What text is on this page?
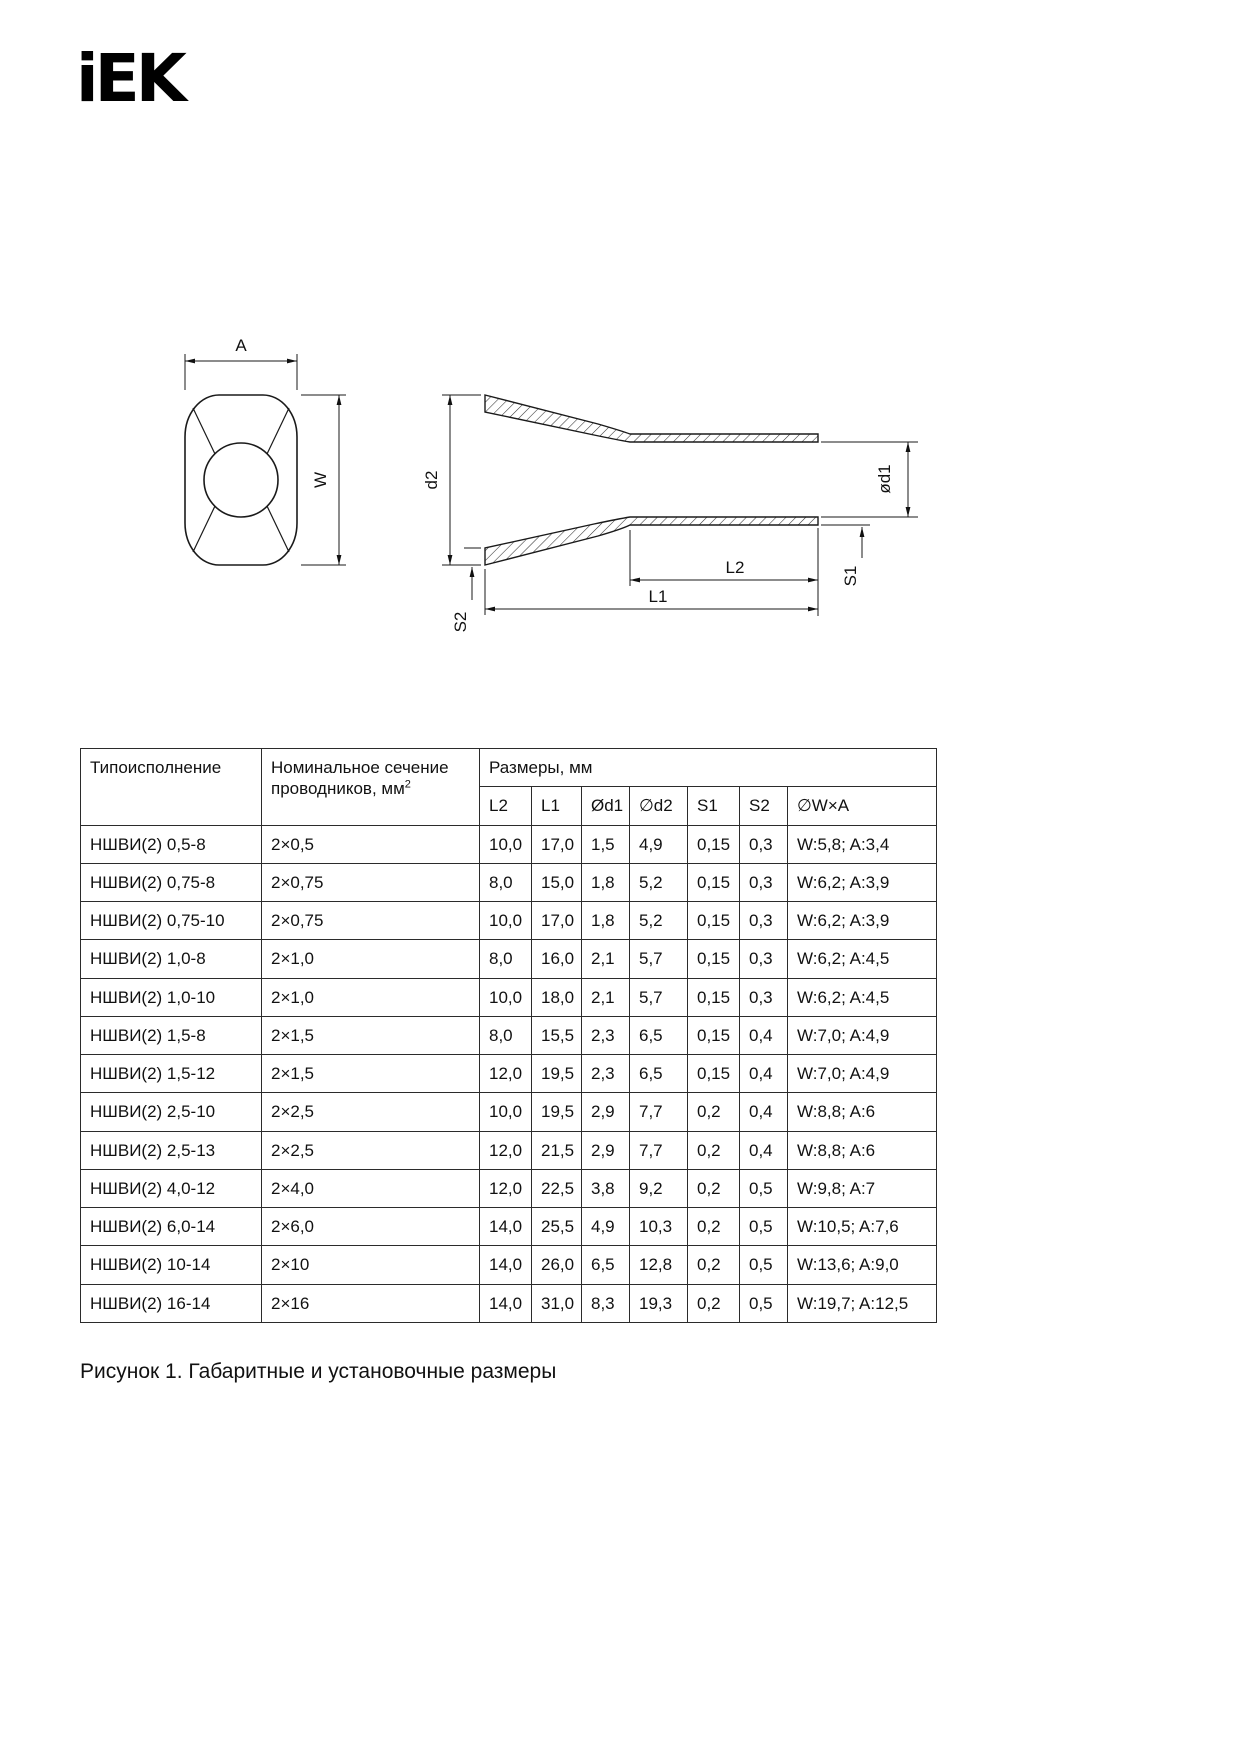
iEK
A
W	d2	ød1
S1
S2
L2
L1
Типоисполнение	Номинальное сечение проводников, $мм^2$	Размеры, мм						
		L2	L1	Ød1	∅d2	S1	S2	∅W×A
НШВИ(2) 0,5-8	2×0,5	10,0	17,0	1,5	4,9	0,15	0,3	W:5,8; A:3,4
НШВИ(2) 0,75-8	2×0,75	8,0	15,0	1,8	5,2	0,15	0,3	W:6,2; A:3,9
НШВИ(2) 0,75-10	2×0,75	10,0	17,0	1,8	5,2	0,15	0,3	W:6,2; A:3,9
НШВИ(2) 1,0-8	2×1,0	8,0	16,0	2,1	5,7	0,15	0,3	W:6,2; A:4,5
НШВИ(2) 1,0-10	2×1,0	10,0	18,0	2,1	5,7	0,15	0,3	W:6,2; A:4,5
НШВИ(2) 1,5-8	2×1,5	8,0	15,5	2,3	6,5	0,15	0,4	W:7,0; A:4,9
НШВИ(2) 1,5-12	2×1,5	12,0	19,5	2,3	6,5	0,15	0,4	W:7,0; A:4,9
НШВИ(2) 2,5-10	2×2,5	10,0	19,5	2,9	7,7	0,2	0,4	W:8,8; A:6
НШВИ(2) 2,5-13	2×2,5	12,0	21,5	2,9	7,7	0,2	0,4	W:8,8; A:6
НШВИ(2) 4,0-12	2×4,0	12,0	22,5	3,8	9,2	0,2	0,5	W:9,8; A:7
НШВИ(2) 6,0-14	2×6,0	14,0	25,5	4,9	10,3	0,2	0,5	W:10,5; A:7,6
НШВИ(2) 10-14	2×10	14,0	26,0	6,5	12,8	0,2	0,5	W:13,6; A:9,0
НШВИ(2) 16-14	2×16	14,0	31,0	8,3	19,3	0,2	0,5	W:19,7; A:12,5
Рисунок 1. Габаритные и установочные размеры
